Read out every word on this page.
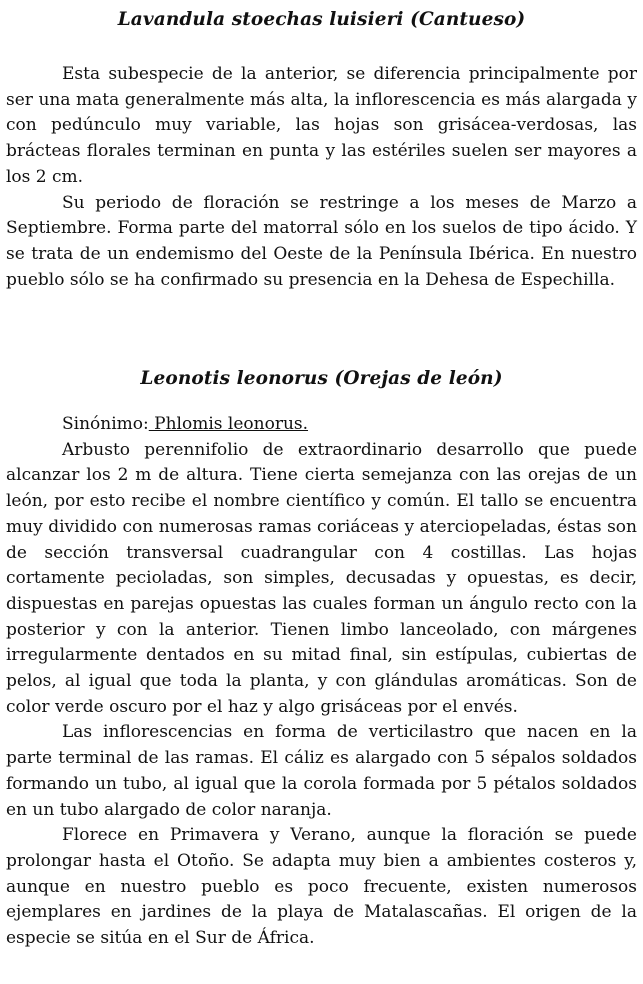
Lavandula stoechas luisieri (Cantueso)

Esta subespecie de la anterior, se diferencia principalmente por ser una mata generalmente más alta, la inflorescencia es más alargada y con pedúnculo muy variable, las hojas son grisácea-verdosas, las brácteas florales terminan en punta y las estériles suelen ser mayores a los 2 cm.

Su periodo de floración se restringe a los meses de Marzo a Septiembre. Forma parte del matorral sólo en los suelos de tipo ácido. Y se trata de un endemismo del Oeste de la Península Ibérica. En nuestro pueblo sólo se ha confirmado su presencia en la Dehesa de Espechilla.

Leonotis leonorus (Orejas de león)

Sinónimo: Phlomis leonorus.

Arbusto perennifolio de extraordinario desarrollo que puede alcanzar los 2 m de altura. Tiene cierta semejanza con las orejas de un león, por esto recibe el nombre científico y común. El tallo se encuentra muy dividido con numerosas ramas coriáceas y aterciopeladas, éstas son de sección transversal cuadrangular con 4 costillas. Las hojas cortamente pecioladas, son simples, decusadas y opuestas, es decir, dispuestas en parejas opuestas las cuales forman un ángulo recto con la posterior y con la anterior. Tienen limbo lanceolado, con márgenes irregularmente dentados en su mitad final, sin estípulas, cubiertas de pelos, al igual que toda la planta, y con glándulas aromáticas. Son de color verde oscuro por el haz y algo grisáceas por el envés.

Las inflorescencias en forma de verticilastro que nacen en la parte terminal de las ramas. El cáliz es alargado con 5 sépalos soldados formando un tubo, al igual que la corola formada por 5 pétalos soldados en un tubo alargado de color naranja.

Florece en Primavera y Verano, aunque la floración se puede prolongar hasta el Otoño. Se adapta muy bien a ambientes costeros y, aunque en nuestro pueblo es poco frecuente, existen numerosos ejemplares en jardines de la playa de Matalascañas. El origen de la especie se sitúa en el Sur de África.
